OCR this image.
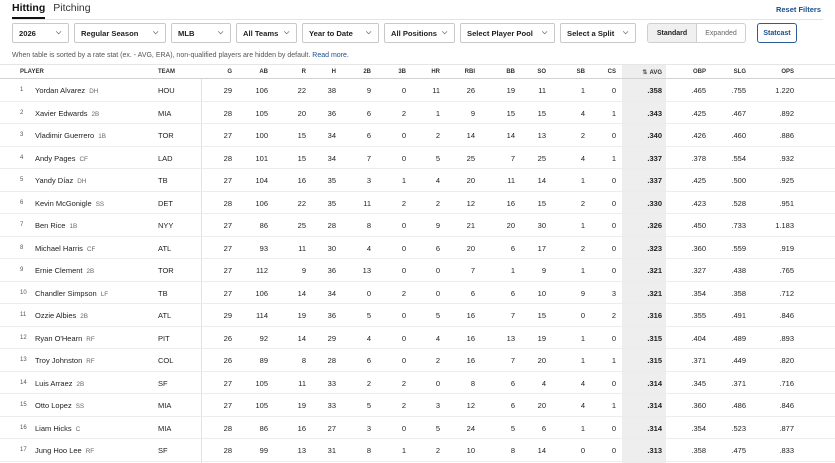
Hitting Pitching	Reset Filters
2026	⌵	Regular Season ⌵	MLB	⌵	All Teams ⌵	Year to Date ⌵	All Positions ⌵	Select Player Pool ⌵	Select a Split ⌵	Standard	Expanded	Statcast
When table is sorted by a rate stat (ex. - AVG, ERA), non-qualified players are hidden by default. Read more.
PLAYER	TEAM	G	AB	R	H	2B	3B	HR	RBI	BB	SO	SB	CS	⇅ AVG	OBP	SLG	OPS
1 Yordan Alvarez DH	HOU	29	106	22	38	9	0	11	26	19	11	1	0	.358	.465	.755	1.220
2 Xavier Edwards 2B	MIA	28	105	20	36	6	2	1	9	15	15	4	1	.343	.425	.467	.892
3 Vladimir Guerrero 1B	TOR	27	100	15	34	6	0	2	14	14	13	2	0	.340	.426	.460	.886
4 Andy Pages CF	LAD	28	101	15	34	7	0	5	25	7	25	4	1	.337	.378	.554	.932
5 Yandy Díaz DH	TB	27	104	16	35	3	1	4	20	11	14	1	0	.337	.425	.500	.925
6 Kevin McGonigle SS	DET	28	106	22	35	11	2	2	12	16	15	2	0	.330	.423	.528	.951
7 Ben Rice 1B	NYY	27	86	25	28	8	0	9	21	20	30	1	0	.326	.450	.733	1.183
8 Michael Harris CF	ATL	27	93	11	30	4	0	6	20	6	17	2	0	.323	.360	.559	.919
9 Ernie Clement 2B	TOR	27	112	9	36	13	0	0	7	1	9	1	0	.321	.327	.438	.765
10 Chandler Simpson LF	TB	27	106	14	34	0	2	0	6	6	10	9	3	.321	.354	.358	.712
11 Ozzie Albies 2B	ATL	29	114	19	36	5	0	5	16	7	15	0	2	.316	.355	.491	.846
12 Ryan O'Hearn RF	PIT	26	92	14	29	4	0	4	16	13	19	1	0	.315	.404	.489	.893
13 Troy Johnston RF	COL	26	89	8	28	6	0	2	16	7	20	1	1	.315	.371	.449	.820
14 Luis Arraez 2B	SF	27	105	11	33	2	2	0	8	6	4	4	0	.314	.345	.371	.716
15 Otto Lopez SS	MIA	27	105	19	33	5	2	3	12	6	20	4	1	.314	.360	.486	.846
16 Liam Hicks C	MIA	28	86	16	27	3	0	5	24	5	6	1	0	.314	.354	.523	.877
17 Jung Hoo Lee RF	SF	28	99	13	31	8	1	2	10	8	14	0	0	.313	.358	.475	.833
